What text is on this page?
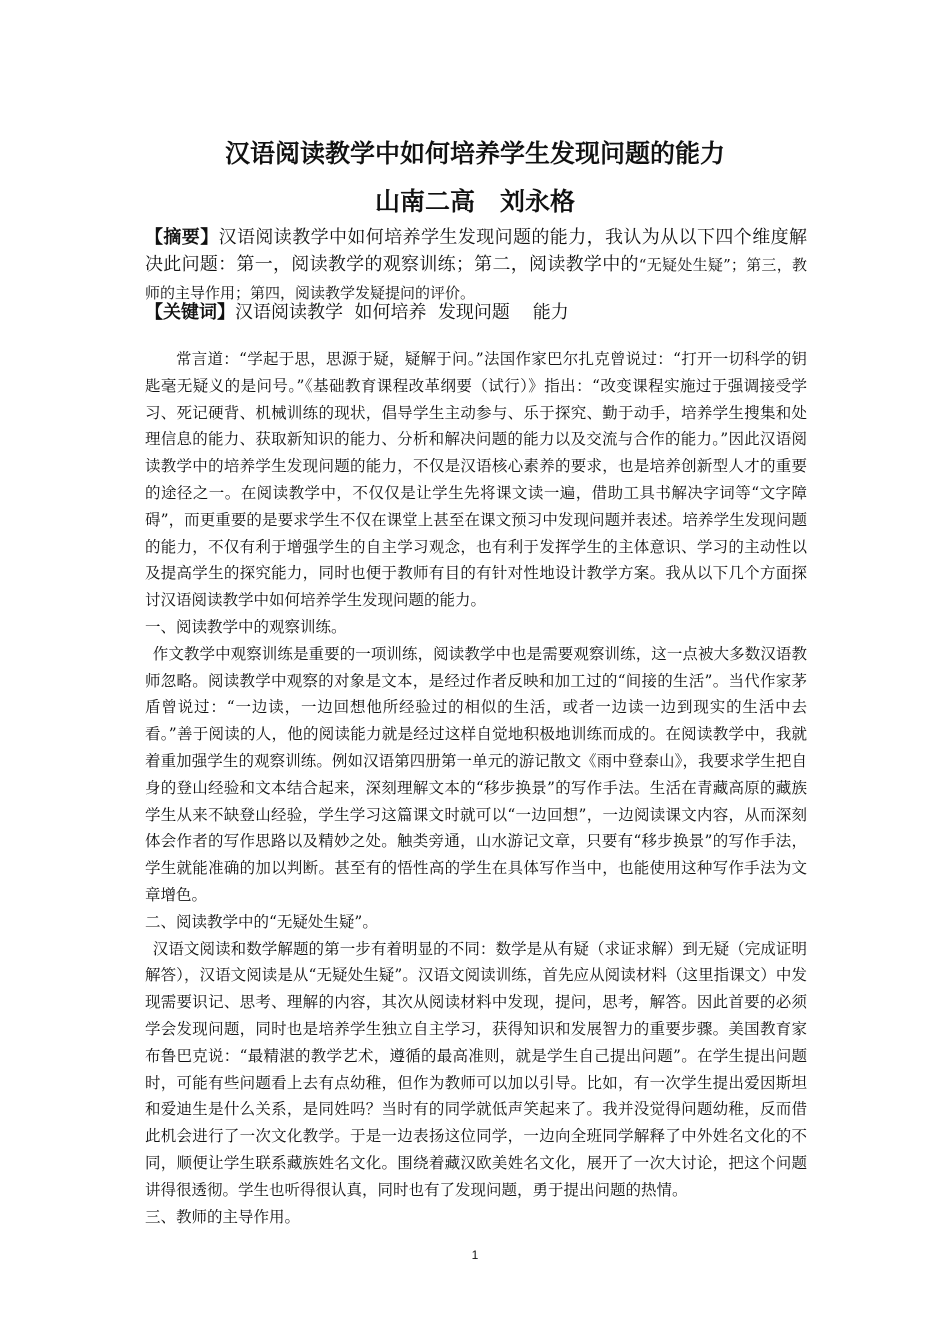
汉语阅读教学中如何培养学生发现问题的能力
山南二高　刘永格
【摘要】汉语阅读教学中如何培养学生发现问题的能力，我认为从以下四个维度解决此问题：第一，阅读教学的观察训练；第二，阅读教学中的“无疑处生疑”；第三，教师的主导作用；第四，阅读教学发疑提问的评价。
【关键词】汉语阅读教学  如何培养  发现问题    能力

常言道：“学起于思，思源于疑，疑解于问。”法国作家巴尔扎克曾说过：“打开一切科学的钥匙毫无疑义的是问号。”《基础教育课程改革纲要（试行）》指出：“改变课程实施过于强调接受学习、死记硬背、机械训练的现状，倡导学生主动参与、乐于探究、勤于动手，培养学生搜集和处理信息的能力、获取新知识的能力、分析和解决问题的能力以及交流与合作的能力。”因此汉语阅读教学中的培养学生发现问题的能力，不仅是汉语核心素养的要求，也是培养创新型人才的重要的途径之一。在阅读教学中，不仅仅是让学生先将课文读一遍，借助工具书解决字词等“文字障碍”，而更重要的是要求学生不仅在课堂上甚至在课文预习中发现问题并表述。培养学生发现问题的能力，不仅有利于增强学生的自主学习观念，也有利于发挥学生的主体意识、学习的主动性以及提高学生的探究能力，同时也便于教师有目的有针对性地设计教学方案。我从以下几个方面探讨汉语阅读教学中如何培养学生发现问题的能力。

一、阅读教学中的观察训练。

作文教学中观察训练是重要的一项训练，阅读教学中也是需要观察训练，这一点被大多数汉语教师忽略。阅读教学中观察的对象是文本，是经过作者反映和加工过的“间接的生活”。当代作家茅盾曾说过：“一边读，一边回想他所经验过的相似的生活，或者一边读一边到现实的生活中去看。”善于阅读的人，他的阅读能力就是经过这样自觉地积极地训练而成的。在阅读教学中，我就着重加强学生的观察训练。例如汉语第四册第一单元的游记散文《雨中登泰山》，我要求学生把自身的登山经验和文本结合起来，深刻理解文本的“移步换景”的写作手法。生活在青藏高原的藏族学生从来不缺登山经验，学生学习这篇课文时就可以“一边回想”，一边阅读课文内容，从而深刻体会作者的写作思路以及精妙之处。触类旁通，山水游记文章，只要有“移步换景”的写作手法，学生就能准确的加以判断。甚至有的悟性高的学生在具体写作当中，也能使用这种写作手法为文章增色。

二、阅读教学中的“无疑处生疑”。

汉语文阅读和数学解题的第一步有着明显的不同：数学是从有疑（求证求解）到无疑（完成证明解答），汉语文阅读是从“无疑处生疑”。汉语文阅读训练，首先应从阅读材料（这里指课文）中发现需要识记、思考、理解的内容，其次从阅读材料中发现，提问，思考，解答。因此首要的必须学会发现问题，同时也是培养学生独立自主学习，获得知识和发展智力的重要步骤。美国教育家布鲁巴克说：“最精湛的教学艺术，遵循的最高准则，就是学生自己提出问题”。在学生提出问题时，可能有些问题看上去有点幼稚，但作为教师可以加以引导。比如，有一次学生提出爱因斯坦和爱迪生是什么关系，是同姓吗？当时有的同学就低声笑起来了。我并没觉得问题幼稚，反而借此机会进行了一次文化教学。于是一边表扬这位同学，一边向全班同学解释了中外姓名文化的不同，顺便让学生联系藏族姓名文化。围绕着藏汉欧美姓名文化，展开了一次大讨论，把这个问题讲得很透彻。学生也听得很认真，同时也有了发现问题，勇于提出问题的热情。

三、教师的主导作用。

1
